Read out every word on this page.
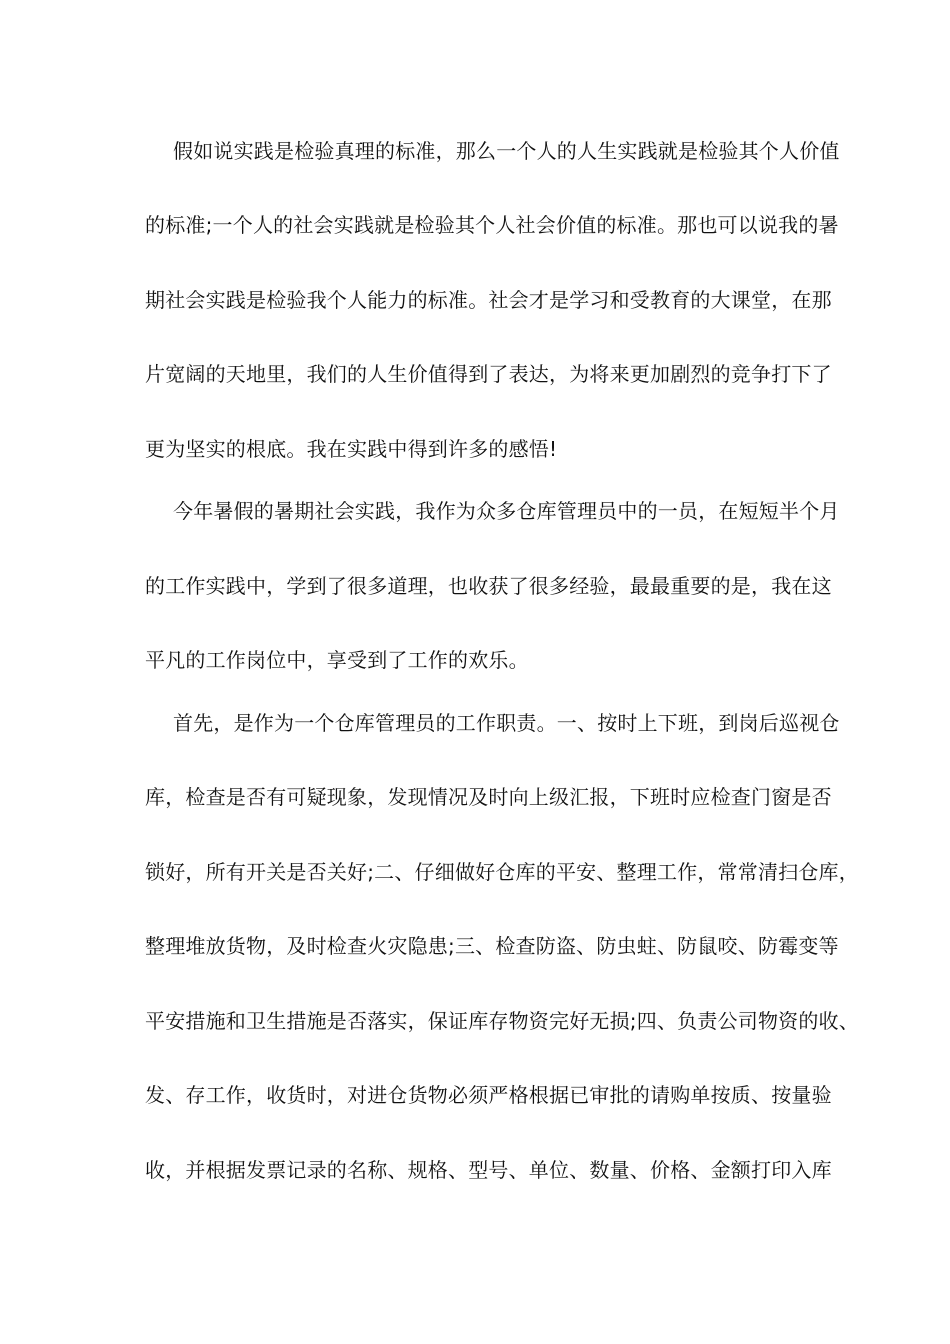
假如说实践是检验真理的标准，那么一个人的人生实践就是检验其个人价值
的标准;一个人的社会实践就是检验其个人社会价值的标准。那也可以说我的暑
期社会实践是检验我个人能力的标准。社会才是学习和受教育的大课堂，在那
片宽阔的天地里，我们的人生价值得到了表达，为将来更加剧烈的竞争打下了
更为坚实的根底。我在实践中得到许多的感悟!
今年暑假的暑期社会实践，我作为众多仓库管理员中的一员，在短短半个月
的工作实践中，学到了很多道理，也收获了很多经验，最最重要的是，我在这
平凡的工作岗位中，享受到了工作的欢乐。
首先，是作为一个仓库管理员的工作职责。一、按时上下班，到岗后巡视仓
库，检查是否有可疑现象，发现情况及时向上级汇报，下班时应检查门窗是否
锁好，所有开关是否关好;二、仔细做好仓库的平安、整理工作，常常清扫仓库，
整理堆放货物，及时检查火灾隐患;三、检查防盗、防虫蛀、防鼠咬、防霉变等
平安措施和卫生措施是否落实，保证库存物资完好无损;四、负责公司物资的收、
发、存工作，收货时，对进仓货物必须严格根据已审批的请购单按质、按量验
收，并根据发票记录的名称、规格、型号、单位、数量、价格、金额打印入库
